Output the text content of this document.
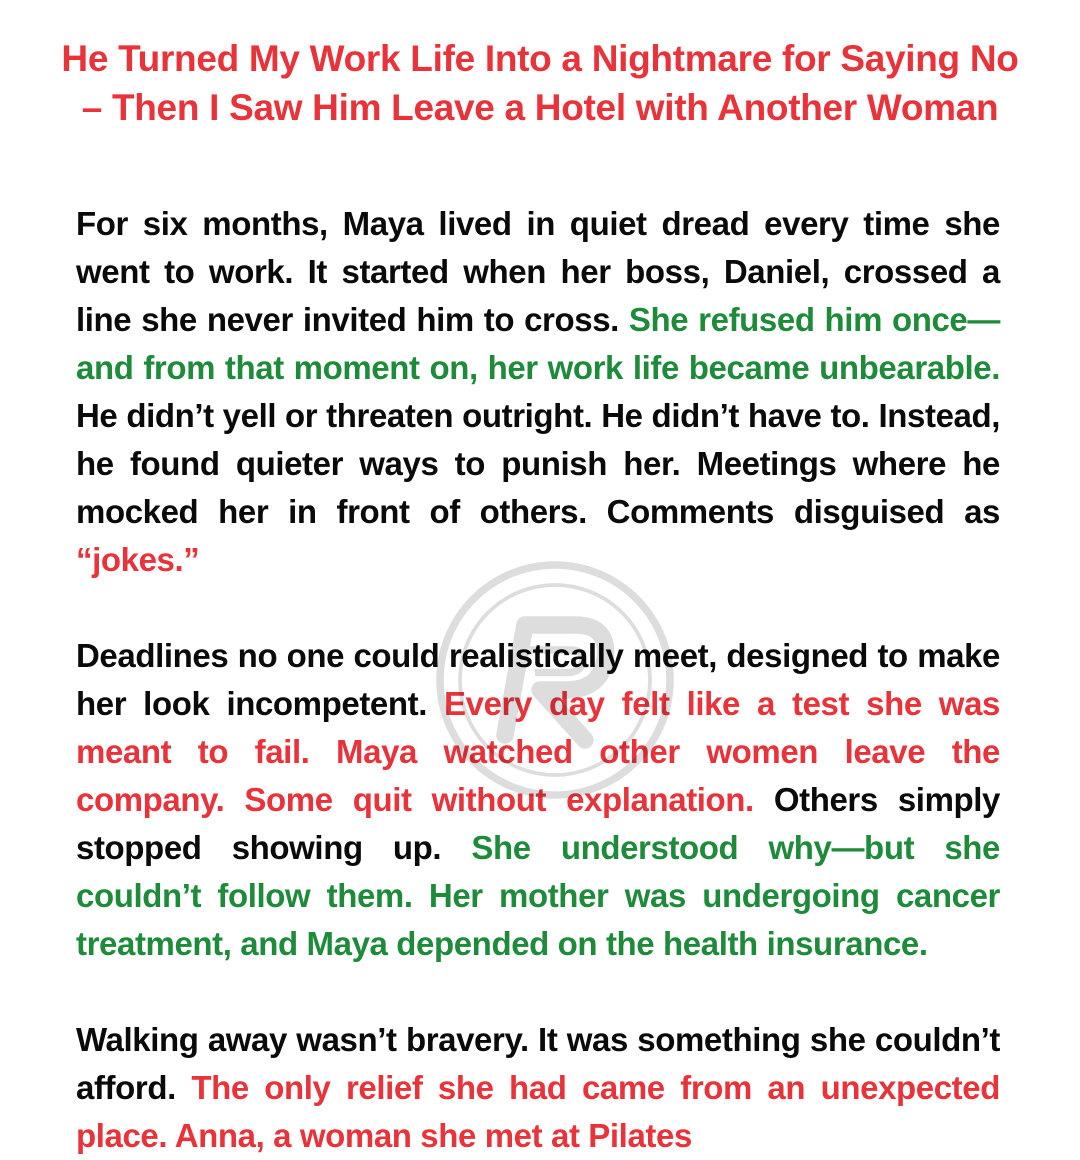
He Turned My Work Life Into a Nightmare for Saying No – Then I Saw Him Leave a Hotel with Another Woman

For six months, Maya lived in quiet dread every time she went to work. It started when her boss, Daniel, crossed a line she never invited him to cross. She refused him once—and from that moment on, her work life became unbearable. He didn’t yell or threaten outright. He didn’t have to. Instead, he found quieter ways to punish her. Meetings where he mocked her in front of others. Comments disguised as “jokes.”

Deadlines no one could realistically meet, designed to make her look incompetent. Every day felt like a test she was meant to fail. Maya watched other women leave the company. Some quit without explanation. Others simply stopped showing up. She understood why—but she couldn’t follow them. Her mother was undergoing cancer treatment, and Maya depended on the health insurance.

Walking away wasn’t bravery. It was something she couldn’t afford. The only relief she had came from an unexpected place. Anna, a woman she met at Pilates
